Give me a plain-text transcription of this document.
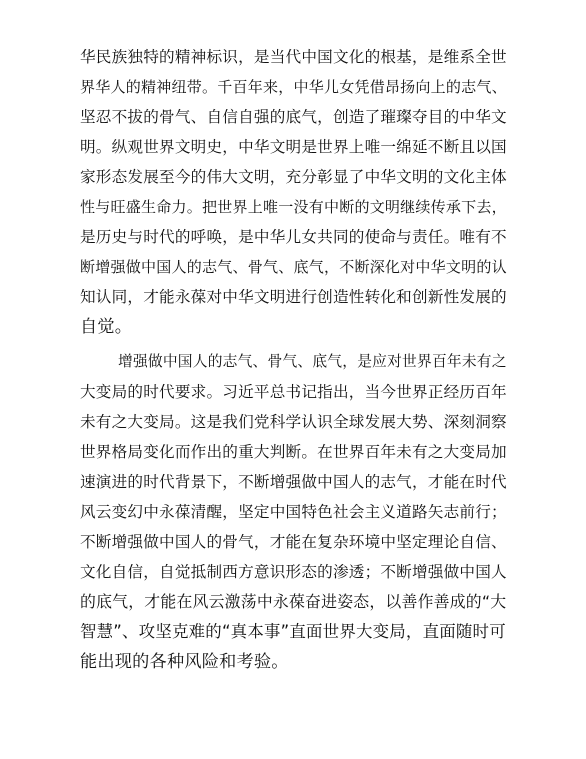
华民族独特的精神标识，是当代中国文化的根基，是维系全世
界华人的精神纽带。千百年来，中华儿女凭借昂扬向上的志气、
坚忍不拔的骨气、自信自强的底气，创造了璀璨夺目的中华文
明。纵观世界文明史，中华文明是世界上唯一绵延不断且以国
家形态发展至今的伟大文明，充分彰显了中华文明的文化主体
性与旺盛生命力。把世界上唯一没有中断的文明继续传承下去，
是历史与时代的呼唤，是中华儿女共同的使命与责任。唯有不
断增强做中国人的志气、骨气、底气，不断深化对中华文明的认
知认同，才能永葆对中华文明进行创造性转化和创新性发展的
自觉。
增强做中国人的志气、骨气、底气，是应对世界百年未有之
大变局的时代要求。习近平总书记指出，当今世界正经历百年
未有之大变局。这是我们党科学认识全球发展大势、深刻洞察
世界格局变化而作出的重大判断。在世界百年未有之大变局加
速演进的时代背景下，不断增强做中国人的志气，才能在时代
风云变幻中永葆清醒，坚定中国特色社会主义道路矢志前行；
不断增强做中国人的骨气，才能在复杂环境中坚定理论自信、
文化自信，自觉抵制西方意识形态的渗透；不断增强做中国人
的底气，才能在风云激荡中永葆奋进姿态，以善作善成的“大
智慧”、攻坚克难的“真本事”直面世界大变局，直面随时可
能出现的各种风险和考验。
